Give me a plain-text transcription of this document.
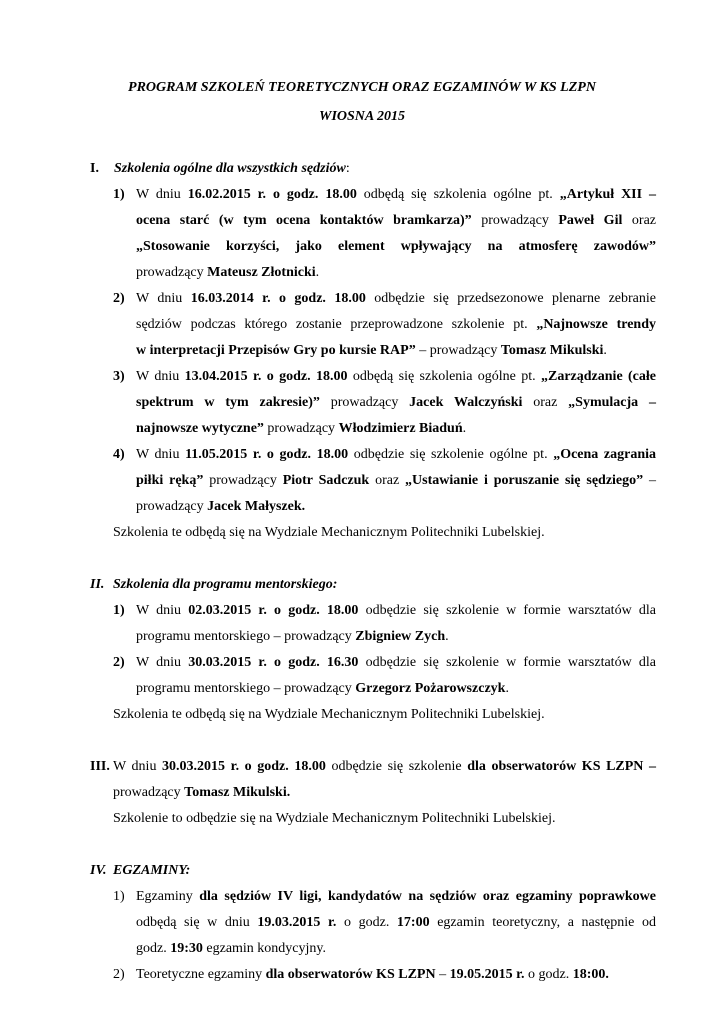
PROGRAM SZKOLEŃ TEORETYCZNYCH ORAZ EGZAMINÓW W KS LZPN
WIOSNA 2015
I. Szkolenia ogólne dla wszystkich sędziów:
1) W dniu 16.02.2015 r. o godz. 18.00 odbędą się szkolenia ogólne pt. „Artykuł XII –
ocena starć (w tym ocena kontaktów bramkarza)” prowadzący Paweł Gil oraz
„Stosowanie korzyści, jako element wpływający na atmosferę zawodów”
prowadzący Mateusz Złotnicki.
2) W dniu 16.03.2014 r. o godz. 18.00 odbędzie się przedsezonowe plenarne zebranie
sędziów podczas którego zostanie przeprowadzone szkolenie pt. „Najnowsze trendy
w interpretacji Przepisów Gry po kursie RAP” – prowadzący Tomasz Mikulski.
3) W dniu 13.04.2015 r. o godz. 18.00 odbędą się szkolenia ogólne pt. „Zarządzanie (całe
spektrum w tym zakresie)” prowadzący Jacek Walczyński oraz „Symulacja –
najnowsze wytyczne” prowadzący Włodzimierz Biaduń.
4) W dniu 11.05.2015 r. o godz. 18.00 odbędzie się szkolenie ogólne pt. „Ocena zagrania
piłki ręką” prowadzący Piotr Sadczuk oraz „Ustawianie i poruszanie się sędziego” –
prowadzący Jacek Małyszek.
Szkolenia te odbędą się na Wydziale Mechanicznym Politechniki Lubelskiej.
II. Szkolenia dla programu mentorskiego:
1) W dniu 02.03.2015 r. o godz. 18.00 odbędzie się szkolenie w formie warsztatów dla
programu mentorskiego – prowadzący Zbigniew Zych.
2) W dniu 30.03.2015 r. o godz. 16.30 odbędzie się szkolenie w formie warsztatów dla
programu mentorskiego – prowadzący Grzegorz Pożarowszczyk.
Szkolenia te odbędą się na Wydziale Mechanicznym Politechniki Lubelskiej.
III. W dniu 30.03.2015 r. o godz. 18.00 odbędzie się szkolenie dla obserwatorów KS LZPN –
prowadzący Tomasz Mikulski.
Szkolenie to odbędzie się na Wydziale Mechanicznym Politechniki Lubelskiej.
IV. EGZAMINY:
1) Egzaminy dla sędziów IV ligi, kandydatów na sędziów oraz egzaminy poprawkowe
odbędą się w dniu 19.03.2015 r. o godz. 17:00 egzamin teoretyczny, a następnie od
godz. 19:30 egzamin kondycyjny.
2) Teoretyczne egzaminy dla obserwatorów KS LZPN – 19.05.2015 r. o godz. 18:00.
